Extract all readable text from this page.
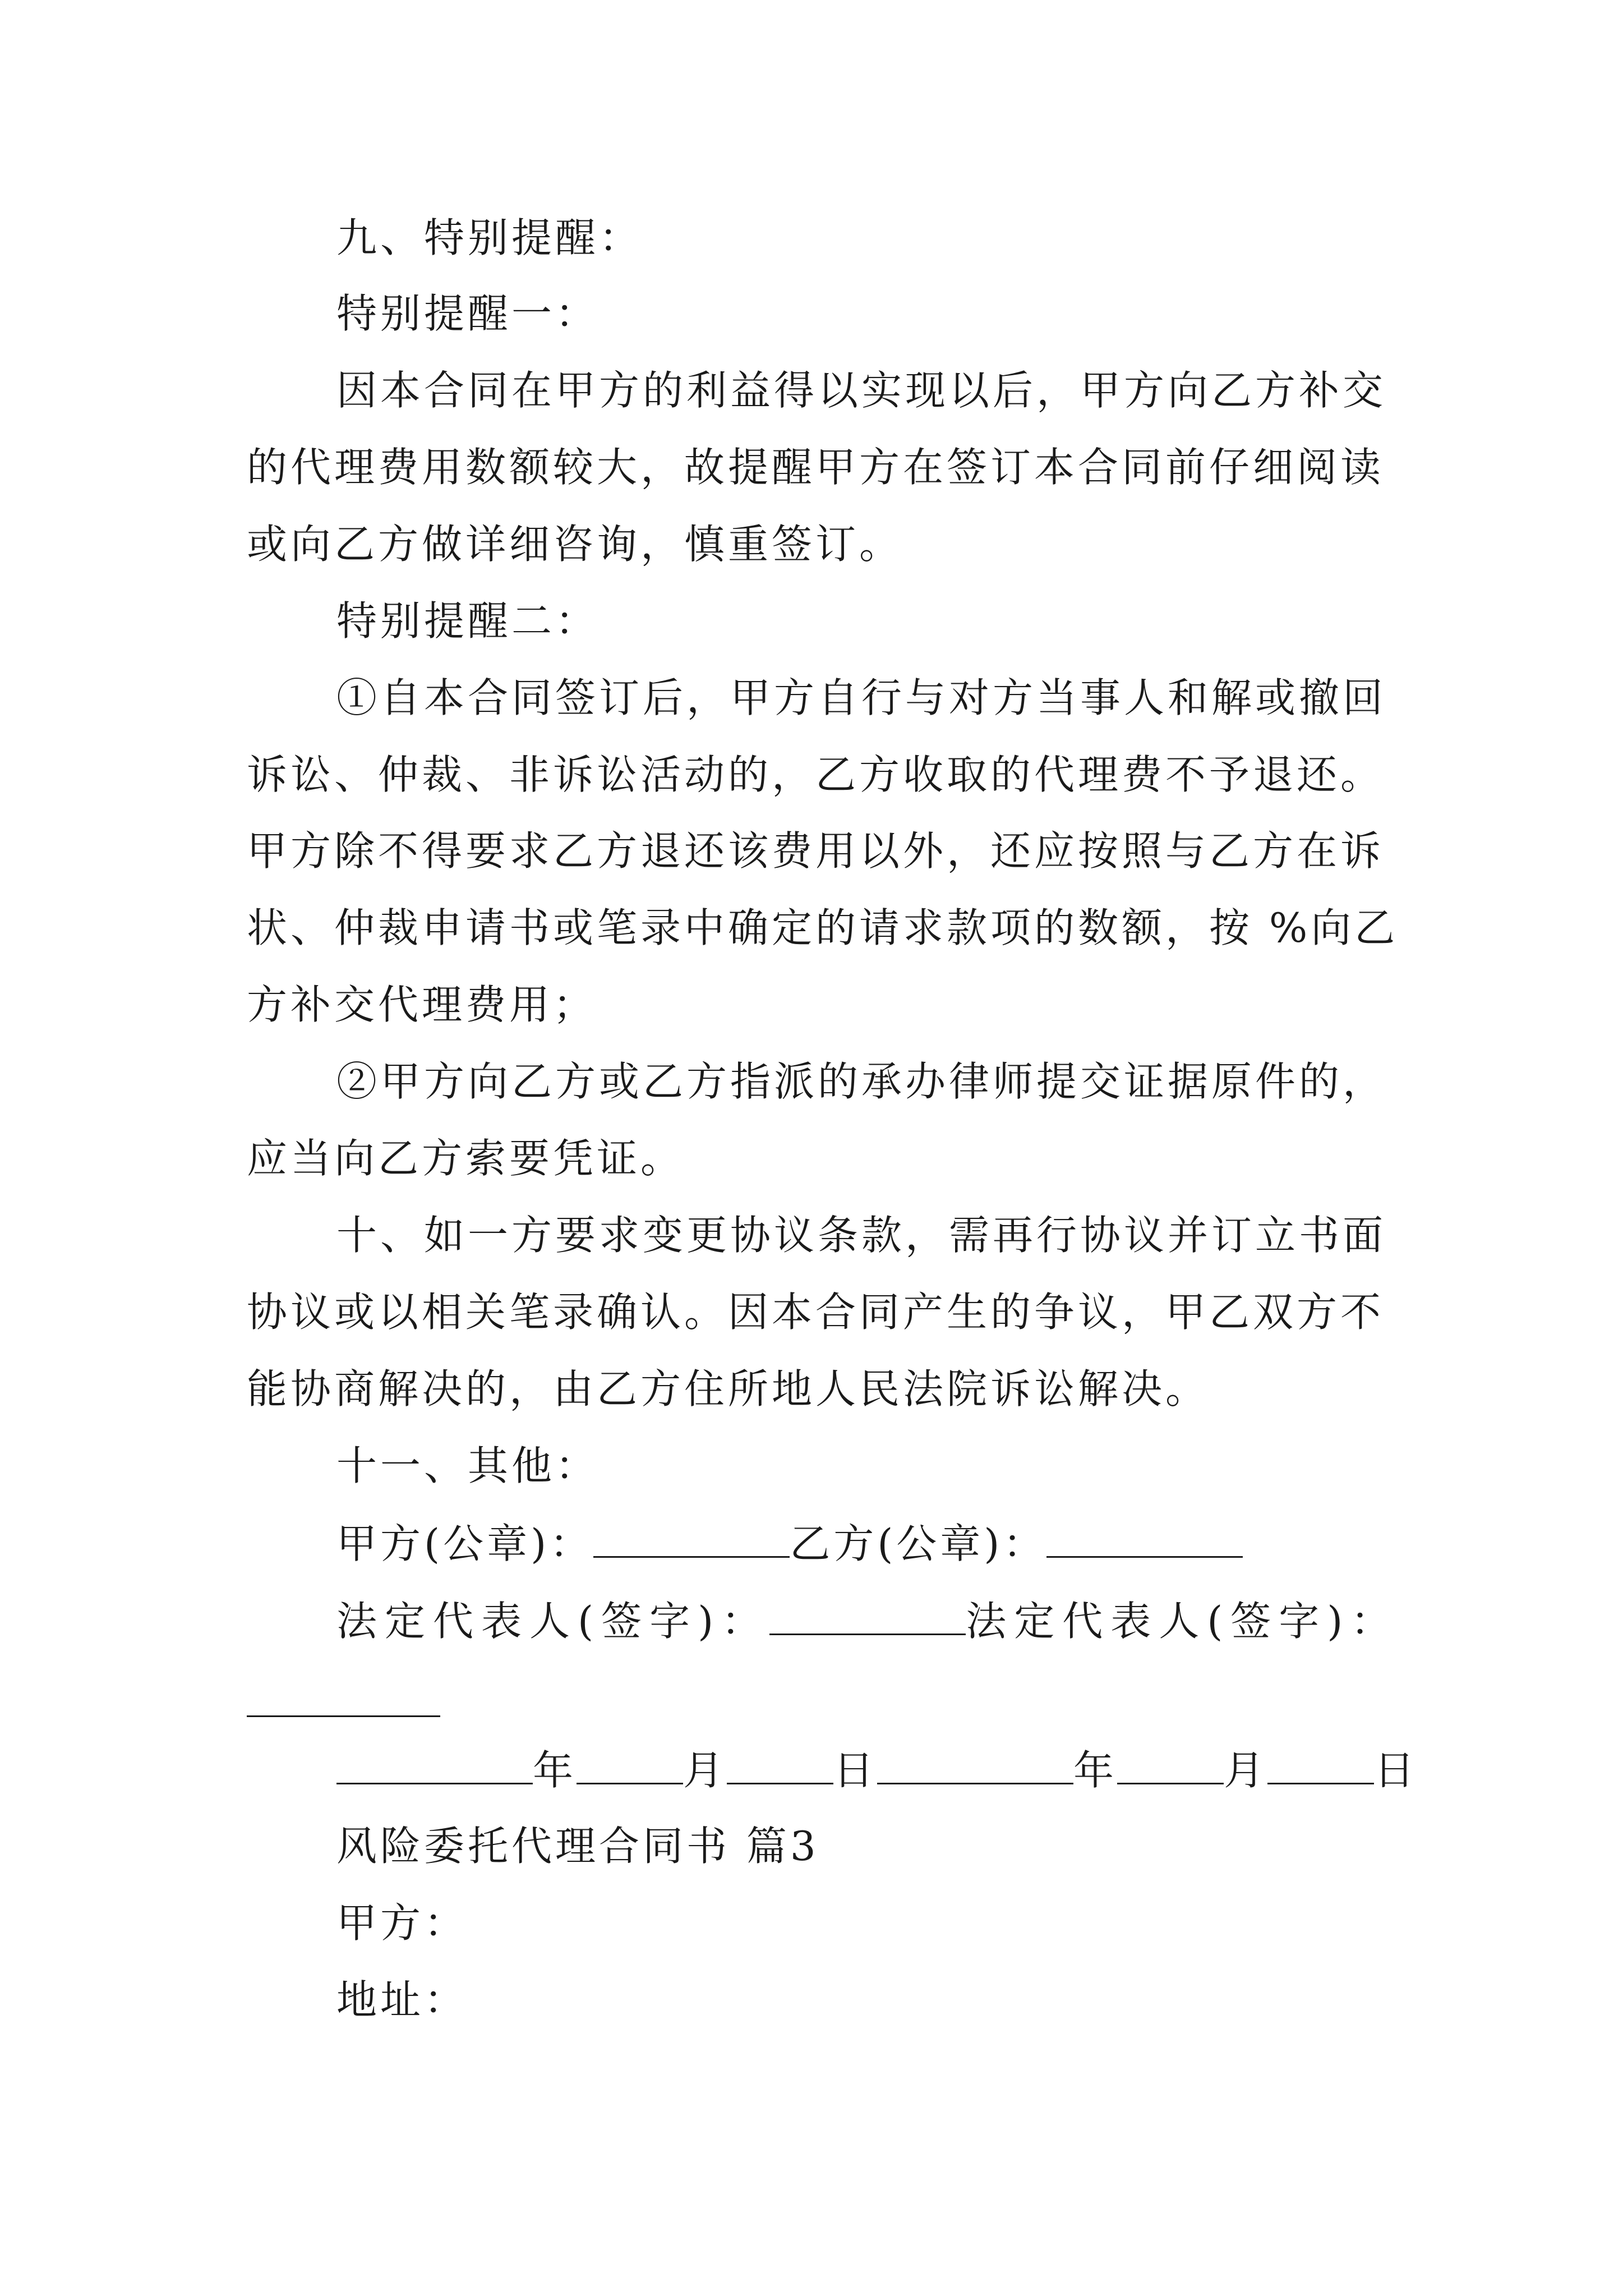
九、特别提醒：
特别提醒一：
因本合同在甲方的利益得以实现以后，甲方向乙方补交
的代理费用数额较大，故提醒甲方在签订本合同前仔细阅读
或向乙方做详细咨询，慎重签订。
特别提醒二：
①自本合同签订后，甲方自行与对方当事人和解或撤回
诉讼、仲裁、非诉讼活动的，乙方收取的代理费不予退还。
甲方除不得要求乙方退还该费用以外，还应按照与乙方在诉
状、仲裁申请书或笔录中确定的请求款项的数额，按 %向乙
方补交代理费用；
②甲方向乙方或乙方指派的承办律师提交证据原件的，
应当向乙方索要凭证。
十、如一方要求变更协议条款，需再行协议并订立书面
协议或以相关笔录确认。因本合同产生的争议，甲乙双方不
能协商解决的，由乙方住所地人民法院诉讼解决。
十一、其他：
甲方(公章)：	乙方(公章)：
法定代表人(签字)：	法定代表人(签字)：
年	月	日	年	月	日
风险委托代理合同书 篇3
甲方：
地址：
